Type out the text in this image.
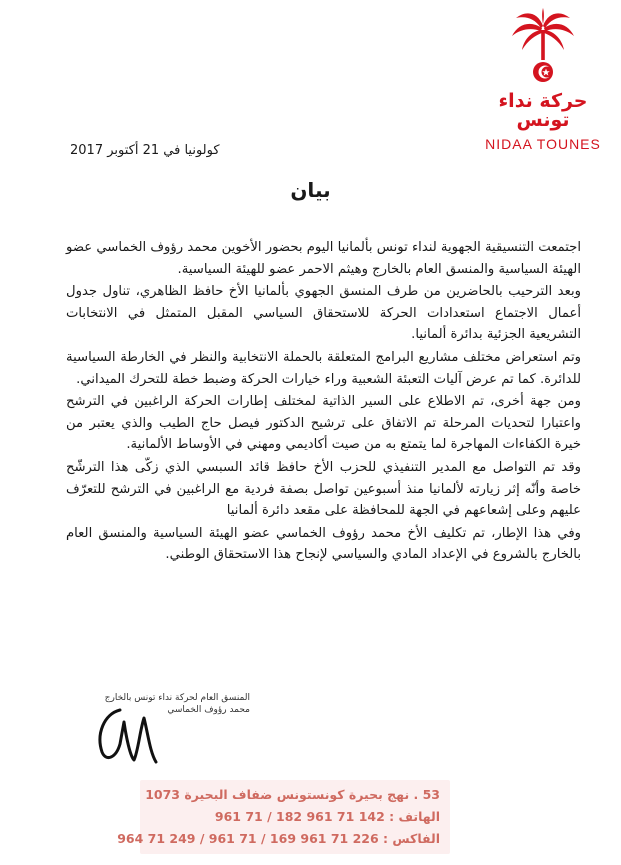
حركة نداء تونس
NIDAA TOUNES
كولونيا في 21 أكتوبر 2017
بيان

اجتمعت التنسيقية الجهوية لنداء تونس بألمانيا اليوم بحضور الأخوين محمد رؤوف الخماسي عضو الهيئة السياسية والمنسق العام بالخارج وهيثم الاحمر عضو للهيئة السياسية.

وبعد الترحيب بالحاضرين من طرف المنسق الجهوي بألمانيا الأخ حافظ الظاهري، تناول جدول أعمال الاجتماع استعدادات الحركة للاستحقاق السياسي المقبل المتمثل في الانتخابات التشريعية الجزئية بدائرة ألمانيا.

وتم استعراض مختلف مشاريع البرامج المتعلقة بالحملة الانتخابية والنظر في الخارطة السياسية للدائرة. كما تم عرض آليات التعبئة الشعبية وراء خيارات الحركة وضبط خطة للتحرك الميداني.

ومن جهة أخرى، تم الاطلاع على السير الذاتية لمختلف إطارات الحركة الراغبين في الترشح واعتبارا لتحديات المرحلة تم الاتفاق على ترشيح الدكتور فيصل حاج الطيب والذي يعتبر من خيرة الكفاءات المهاجرة لما يتمتع به من صيت أكاديمي ومهني في الأوساط الألمانية.

وقد تم التواصل مع المدير التنفيذي للحزب الأخ حافظ قائد السبسي الذي زكّى هذا الترشّح خاصة وأنّه إثر زيارته لألمانيا منذ أسبوعين تواصل بصفة فردية مع الراغبين في الترشح للتعرّف عليهم وعلى إشعاعهم في الجهة للمحافظة على مقعد دائرة ألمانيا

وفي هذا الإطار، تم تكليف الأخ محمد رؤوف الخماسي عضو الهيئة السياسية والمنسق العام بالخارج بالشروع في الإعداد المادي والسياسي لإنجاح هذا الاستحقاق الوطني.

المنسق العام لحركة نداء تونس بالخارج
محمد رؤوف الخماسي
53 . نهج بحيرة كونستونس ضفاف البحيرة 1073
الهاتف : 142 71 961 182 / 71 961
الفاكس : 226 71 961 169 / 71 961 / 249 71 964
